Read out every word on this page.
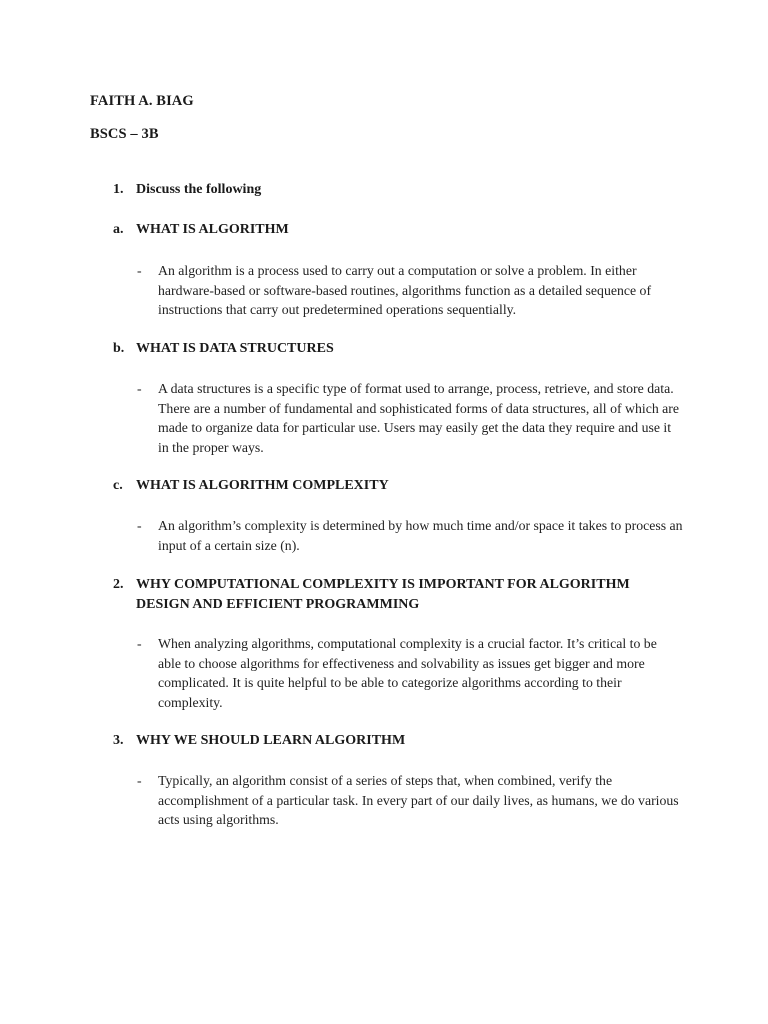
FAITH A. BIAG
BSCS – 3B
1. Discuss the following
a. WHAT IS ALGORITHM
-	An algorithm is a process used to carry out a computation or solve a problem. In either hardware-based or software-based routines, algorithms function as a detailed sequence of instructions that carry out predetermined operations sequentially.
b. WHAT IS DATA STRUCTURES
-	A data structures is a specific type of format used to arrange, process, retrieve, and store data. There are a number of fundamental and sophisticated forms of data structures, all of which are made to organize data for particular use. Users may easily get the data they require and use it in the proper ways.
c. WHAT IS ALGORITHM COMPLEXITY
-	An algorithm’s complexity is determined by how much time and/or space it takes to process an input of a certain size (n).
2. WHY COMPUTATIONAL COMPLEXITY IS IMPORTANT FOR ALGORITHM DESIGN AND EFFICIENT PROGRAMMING
-	When analyzing algorithms, computational complexity is a crucial factor. It’s critical to be able to choose algorithms for effectiveness and solvability as issues get bigger and more complicated. It is quite helpful to be able to categorize algorithms according to their complexity.
3. WHY WE SHOULD LEARN ALGORITHM
-	Typically, an algorithm consist of a series of steps that, when combined, verify the accomplishment of a particular task. In every part of our daily lives, as humans, we do various acts using algorithms.
